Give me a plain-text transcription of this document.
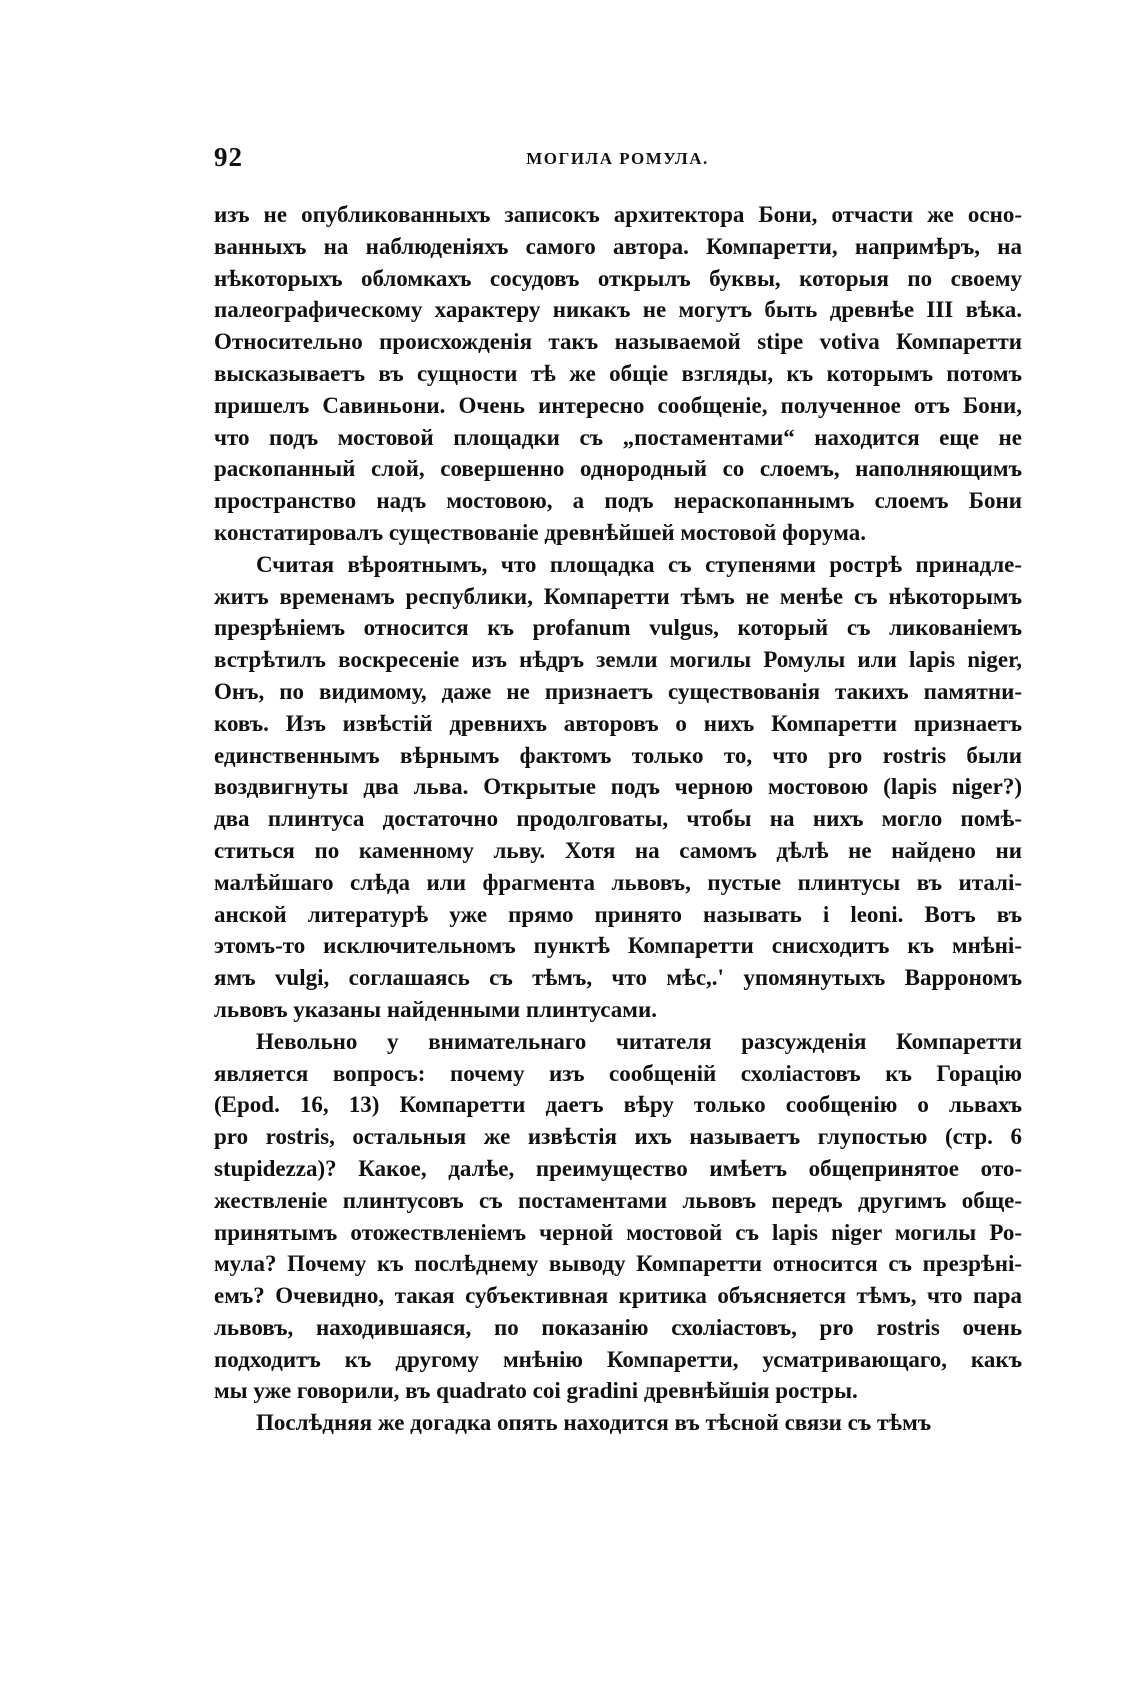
92	МОГИЛА РОМУЛА.
изъ не опубликованныхъ записокъ архитектора Бони, отчасти же осно-
ванныхъ на наблюденіяхъ самого автора. Компаретти, напримѣръ, на
нѣкоторыхъ обломкахъ сосудовъ открылъ буквы, которыя по своему
палеографическому характеру никакъ не могутъ быть древнѣе III вѣка.
Относительно происхожденія такъ называемой stipe votiva Компаретти
высказываетъ въ сущности тѣ же общіе взгляды, къ которымъ потомъ
пришелъ Савиньони. Очень интересно сообщеніе, полученное отъ Бони,
что подъ мостовой площадки съ „постаментами“ находится еще не
раскопанный слой, совершенно однородный со слоемъ, наполняющимъ
пространство надъ мостовою, а подъ нераскопаннымъ слоемъ Бони
констатировалъ существованіе древнѣйшей мостовой форума.
Считая вѣроятнымъ, что площадка съ ступенями рострѣ принадле-
житъ временамъ республики, Компаретти тѣмъ не менѣе съ нѣкоторымъ
презрѣніемъ относится къ profanum vulgus, который съ ликованіемъ
встрѣтилъ воскресеніе изъ нѣдръ земли могилы Ромулы или lapis niger,
Онъ, по видимому, даже не признаетъ существованія такихъ памятни-
ковъ. Изъ извѣстій древнихъ авторовъ о нихъ Компаретти признаетъ
единственнымъ вѣрнымъ фактомъ только то, что pro rostris были
воздвигнуты два льва. Открытые подъ черною мостовою (lapis niger?)
два плинтуса достаточно продолговаты, чтобы на нихъ могло помѣ-
ститься по каменному льву. Хотя на самомъ дѣлѣ не найдено ни
малѣйшаго слѣда или фрагмента львовъ, пустые плинтусы въ италі-
анской литературѣ уже прямо принято называть i leoni. Вотъ въ
этомъ-то исключительномъ пунктѣ Компаретти снисходитъ къ мнѣні-
ямъ vulgi, соглашаясь съ тѣмъ, что мѣс,.' упомянутыхъ Варрономъ
львовъ указаны найденными плинтусами.
Невольно у внимательнаго читателя разсужденія Компаретти
является вопросъ: почему изъ сообщеній схоліастовъ къ Горацію
(Epod. 16, 13) Компаретти даетъ вѣру только сообщенію о львахъ
pro rostris, остальныя же извѣстія ихъ называетъ глупостью (стр. 6
stupidezza)? Какое, далѣе, преимущество имѣетъ общепринятое ото-
жествленіе плинтусовъ съ постаментами львовъ передъ другимъ обще-
принятымъ отожествленіемъ черной мостовой съ lapis niger могилы Ро-
мула? Почему къ послѣднему выводу Компаретти относится съ презрѣні-
емъ? Очевидно, такая субъективная критика объясняется тѣмъ, что пара
львовъ, находившаяся, по показанію схоліастовъ, pro rostris очень
подходитъ къ другому мнѣнію Компаретти, усматривающаго, какъ
мы уже говорили, въ quadrato coi gradini древнѣйшія ростры.
Послѣдняя же догадка опять находится въ тѣсной связи съ тѣмъ
